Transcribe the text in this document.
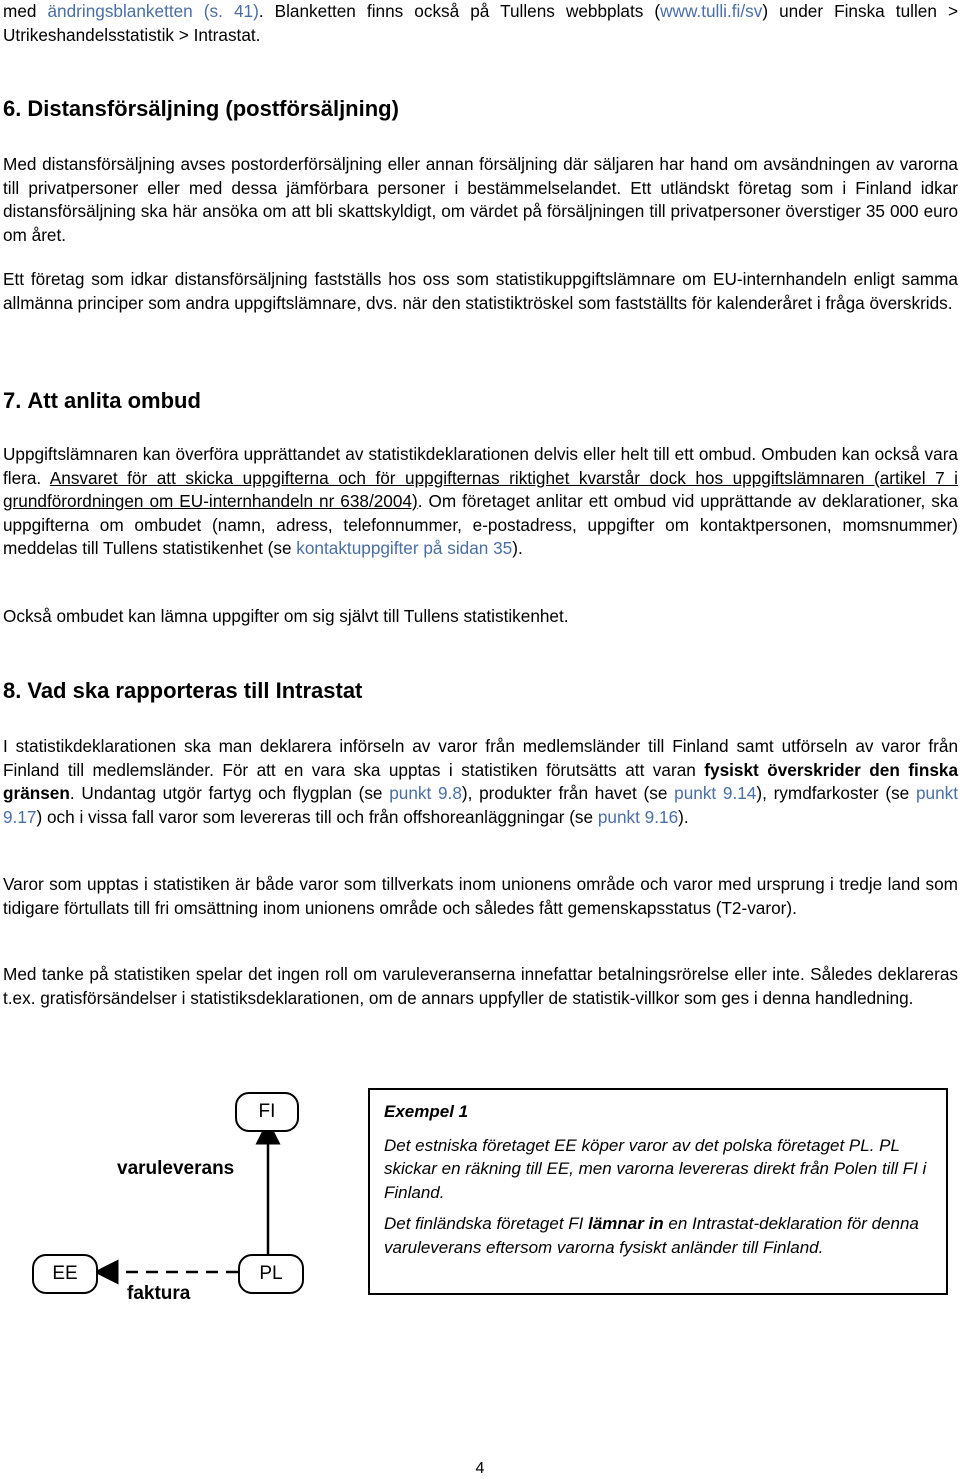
med ändringsblanketten (s. 41). Blanketten finns också på Tullens webbplats (www.tulli.fi/sv) under Finska tullen > Utrikeshandelsstatistik > Intrastat.

6. Distansförsäljning (postförsäljning)

Med distansförsäljning avses postorderförsäljning eller annan försäljning där säljaren har hand om avsändningen av varorna till privatpersoner eller med dessa jämförbara personer i bestämmelselandet. Ett utländskt företag som i Finland idkar distansförsäljning ska här ansöka om att bli skattskyldigt, om värdet på försäljningen till privatpersoner överstiger 35 000 euro om året.

Ett företag som idkar distansförsäljning fastställs hos oss som statistikuppgiftslämnare om EU-internhandeln enligt samma allmänna principer som andra uppgiftslämnare, dvs. när den statistiktröskel som fastställts för kalenderåret i fråga överskrids.

7. Att anlita ombud

Uppgiftslämnaren kan överföra upprättandet av statistikdeklarationen delvis eller helt till ett ombud. Ombuden kan också vara flera. Ansvaret för att skicka uppgifterna och för uppgifternas riktighet kvarstår dock hos uppgiftslämnaren (artikel 7 i grundförordningen om EU-internhandeln nr 638/2004). Om företaget anlitar ett ombud vid upprättande av deklarationer, ska uppgifterna om ombudet (namn, adress, telefonnummer, e-postadress, uppgifter om kontaktpersonen, momsnummer) meddelas till Tullens statistikenhet (se kontaktuppgifter på sidan 35).

Också ombudet kan lämna uppgifter om sig självt till Tullens statistikenhet.

8. Vad ska rapporteras till Intrastat

I statistikdeklarationen ska man deklarera införseln av varor från medlemsländer till Finland samt utförseln av varor från Finland till medlemsländer. För att en vara ska upptas i statistiken förutsätts att varan fysiskt överskrider den finska gränsen. Undantag utgör fartyg och flygplan (se punkt 9.8), produkter från havet (se punkt 9.14), rymdfarkoster (se punkt 9.17) och i vissa fall varor som levereras till och från offshoreanläggningar (se punkt 9.16).

Varor som upptas i statistiken är både varor som tillverkats inom unionens område och varor med ursprung i tredje land som tidigare förtullats till fri omsättning inom unionens område och således fått gemenskapsstatus (T2-varor).

Med tanke på statistiken spelar det ingen roll om varuleveranserna innefattar betalningsrörelse eller inte. Således deklareras t.ex. gratisförsändelser i statistiksdeklarationen, om de annars uppfyller de statistik-villkor som ges i denna handledning.

FI
EE	PL
varuleverans
faktura

Exempel 1

Det estniska företaget EE köper varor av det polska företaget PL. PL skickar en räkning till EE, men varorna levereras direkt från Polen till FI i Finland.

Det finländska företaget FI lämnar in en Intrastat-deklaration för denna varuleverans eftersom varorna fysiskt anländer till Finland.

4
